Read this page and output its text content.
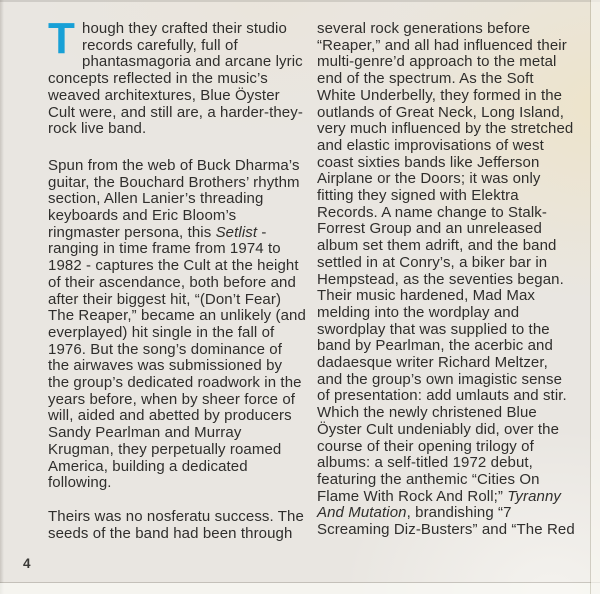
T hough they crafted their studio
records carefully, full of
phantasmagoria and arcane lyric
concepts reflected in the music’s
weaved architextures, Blue Öyster
Cult were, and still are, a harder-they-
rock live band.
Spun from the web of Buck Dharma’s
guitar, the Bouchard Brothers’ rhythm
section, Allen Lanier’s threading
keyboards and Eric Bloom’s
ringmaster persona, this Setlist -
ranging in time frame from 1974 to
1982 - captures the Cult at the height
of their ascendance, both before and
after their biggest hit, “(Don’t Fear)
The Reaper,” became an unlikely (and
everplayed) hit single in the fall of
1976. But the song’s dominance of
the airwaves was submissioned by
the group’s dedicated roadwork in the
years before, when by sheer force of
will, aided and abetted by producers
Sandy Pearlman and Murray
Krugman, they perpetually roamed
America, building a dedicated
following.
Theirs was no nosferatu success. The
seeds of the band had been through
several rock generations before
“Reaper,” and all had influenced their
multi-genre’d approach to the metal
end of the spectrum. As the Soft
White Underbelly, they formed in the
outlands of Great Neck, Long Island,
very much influenced by the stretched
and elastic improvisations of west
coast sixties bands like Jefferson
Airplane or the Doors; it was only
fitting they signed with Elektra
Records. A name change to Stalk-
Forrest Group and an unreleased
album set them adrift, and the band
settled in at Conry’s, a biker bar in
Hempstead, as the seventies began.
Their music hardened, Mad Max
melding into the wordplay and
swordplay that was supplied to the
band by Pearlman, the acerbic and
dadaesque writer Richard Meltzer,
and the group’s own imagistic sense
of presentation: add umlauts and stir.
Which the newly christened Blue
Öyster Cult undeniably did, over the
course of their opening trilogy of
albums: a self-titled 1972 debut,
featuring the anthemic “Cities On
Flame With Rock And Roll;” Tyranny
And Mutation, brandishing “7
Screaming Diz-Busters” and “The Red
4
